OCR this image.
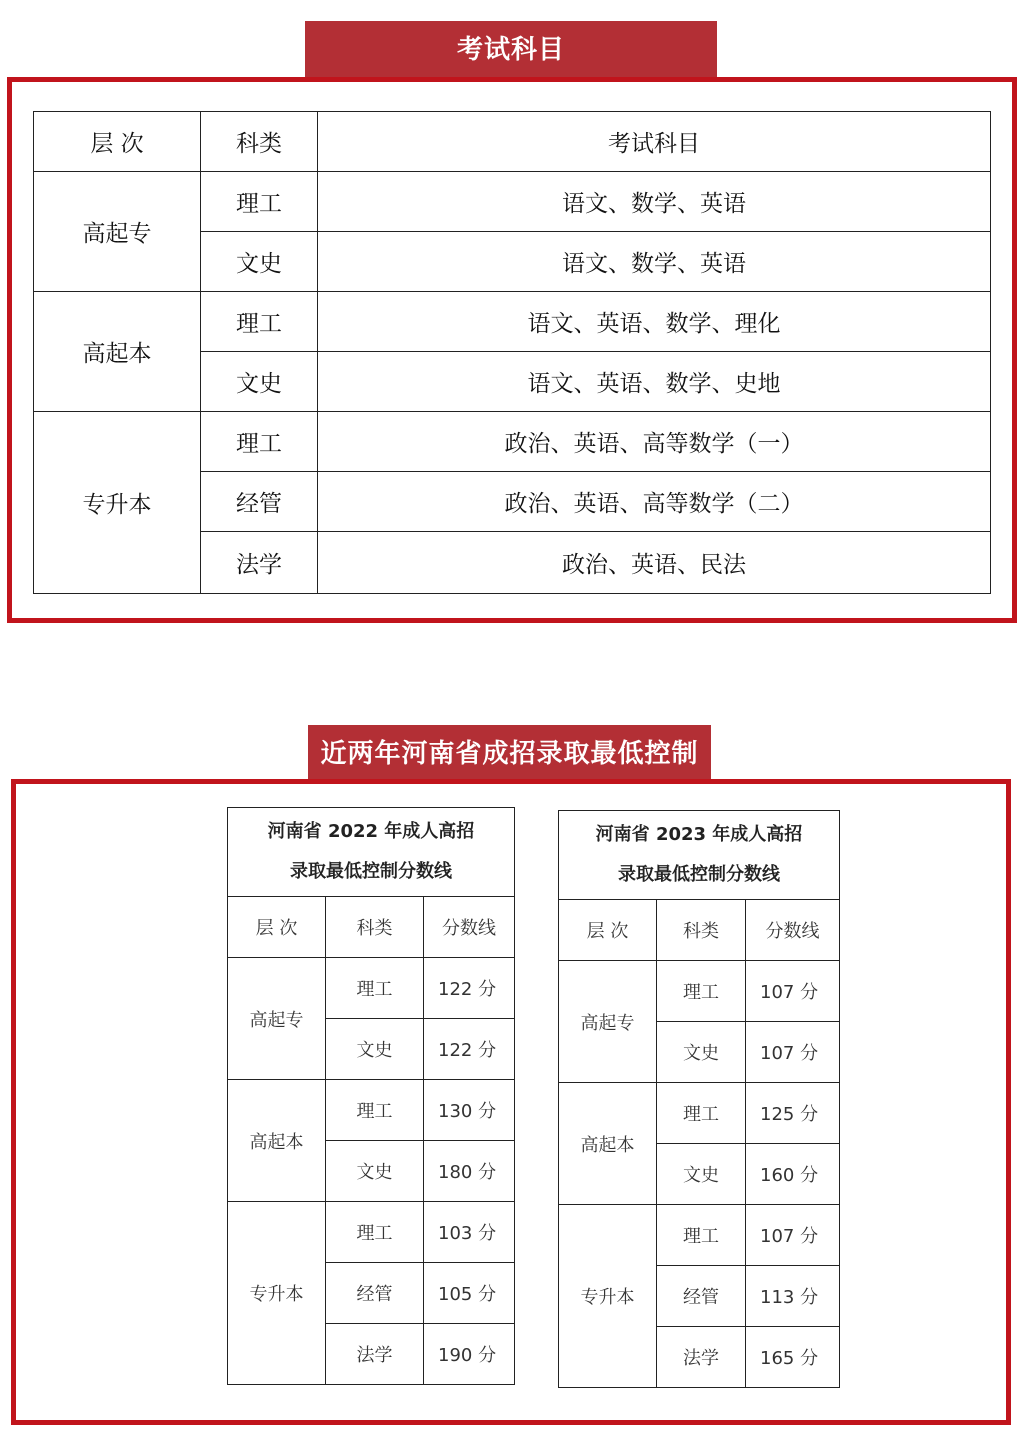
考试科目
层 次	科类	考试科目
高起专	理工	语文、数学、英语
	文史	语文、数学、英语
高起本	理工	语文、英语、数学、理化
	文史	语文、英语、数学、史地
专升本	理工	政治、英语、高等数学（一）
	经管	政治、英语、高等数学（二）
	法学	政治、英语、民法
近两年河南省成招录取最低控制线
河南省 2022 年成人高招
录取最低控制分数线		

层 次	科类	分数线
高起专	理工	122 分
	文史	122 分
高起本	理工	130 分
	文史	180 分
专升本	理工	103 分
	经管	105 分
	法学	190 分
河南省 2023 年成人高招
录取最低控制分数线		

层 次	科类	分数线
高起专	理工	107 分
	文史	107 分
高起本	理工	125 分
	文史	160 分
专升本	理工	107 分
	经管	113 分
	法学	165 分
